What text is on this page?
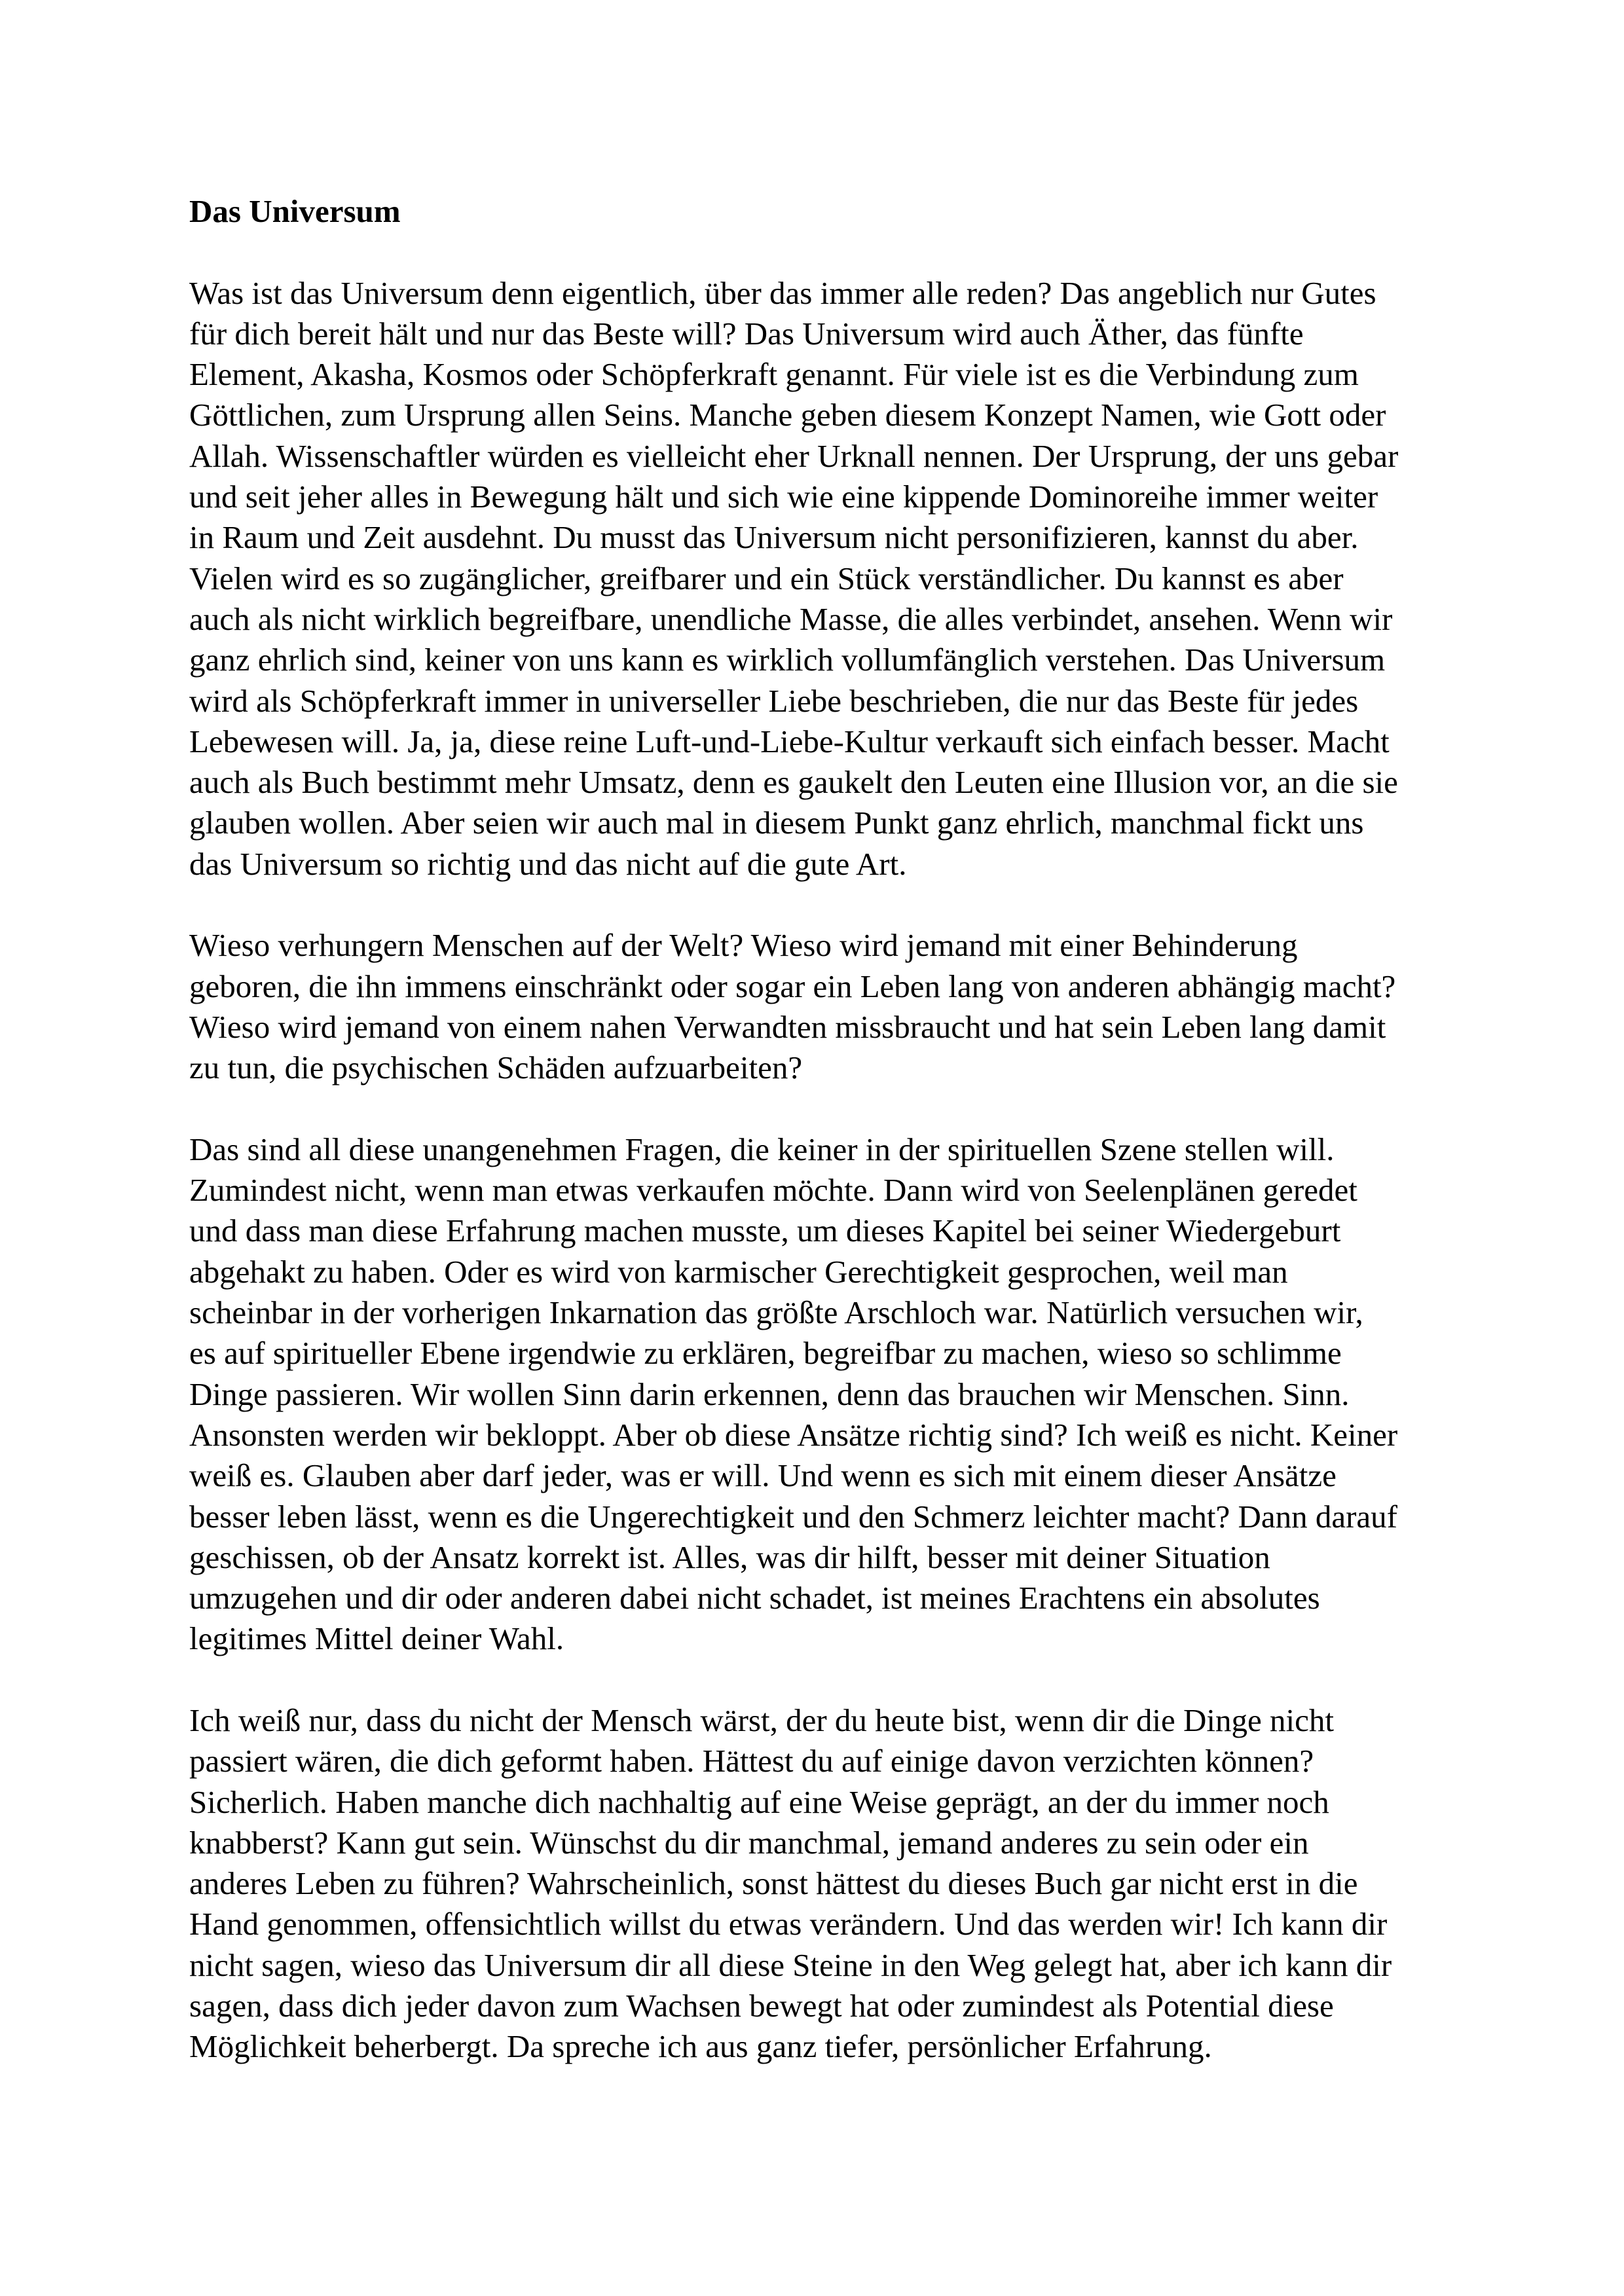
Das Universum
Was ist das Universum denn eigentlich, über das immer alle reden? Das angeblich nur Gutes
für dich bereit hält und nur das Beste will? Das Universum wird auch Äther, das fünfte
Element, Akasha, Kosmos oder Schöpferkraft genannt. Für viele ist es die Verbindung zum
Göttlichen, zum Ursprung allen Seins. Manche geben diesem Konzept Namen, wie Gott oder
Allah. Wissenschaftler würden es vielleicht eher Urknall nennen. Der Ursprung, der uns gebar
und seit jeher alles in Bewegung hält und sich wie eine kippende Dominoreihe immer weiter
in Raum und Zeit ausdehnt. Du musst das Universum nicht personifizieren, kannst du aber.
Vielen wird es so zugänglicher, greifbarer und ein Stück verständlicher. Du kannst es aber
auch als nicht wirklich begreifbare, unendliche Masse, die alles verbindet, ansehen. Wenn wir
ganz ehrlich sind, keiner von uns kann es wirklich vollumfänglich verstehen. Das Universum
wird als Schöpferkraft immer in universeller Liebe beschrieben, die nur das Beste für jedes
Lebewesen will. Ja, ja, diese reine Luft-und-Liebe-Kultur verkauft sich einfach besser. Macht
auch als Buch bestimmt mehr Umsatz, denn es gaukelt den Leuten eine Illusion vor, an die sie
glauben wollen. Aber seien wir auch mal in diesem Punkt ganz ehrlich, manchmal fickt uns
das Universum so richtig und das nicht auf die gute Art.
Wieso verhungern Menschen auf der Welt? Wieso wird jemand mit einer Behinderung
geboren, die ihn immens einschränkt oder sogar ein Leben lang von anderen abhängig macht?
Wieso wird jemand von einem nahen Verwandten missbraucht und hat sein Leben lang damit
zu tun, die psychischen Schäden aufzuarbeiten?
Das sind all diese unangenehmen Fragen, die keiner in der spirituellen Szene stellen will.
Zumindest nicht, wenn man etwas verkaufen möchte. Dann wird von Seelenplänen geredet
und dass man diese Erfahrung machen musste, um dieses Kapitel bei seiner Wiedergeburt
abgehakt zu haben. Oder es wird von karmischer Gerechtigkeit gesprochen, weil man
scheinbar in der vorherigen Inkarnation das größte Arschloch war. Natürlich versuchen wir,
es auf spiritueller Ebene irgendwie zu erklären, begreifbar zu machen, wieso so schlimme
Dinge passieren. Wir wollen Sinn darin erkennen, denn das brauchen wir Menschen. Sinn.
Ansonsten werden wir bekloppt. Aber ob diese Ansätze richtig sind? Ich weiß es nicht. Keiner
weiß es. Glauben aber darf jeder, was er will. Und wenn es sich mit einem dieser Ansätze
besser leben lässt, wenn es die Ungerechtigkeit und den Schmerz leichter macht? Dann darauf
geschissen, ob der Ansatz korrekt ist. Alles, was dir hilft, besser mit deiner Situation
umzugehen und dir oder anderen dabei nicht schadet, ist meines Erachtens ein absolutes
legitimes Mittel deiner Wahl.
Ich weiß nur, dass du nicht der Mensch wärst, der du heute bist, wenn dir die Dinge nicht
passiert wären, die dich geformt haben. Hättest du auf einige davon verzichten können?
Sicherlich. Haben manche dich nachhaltig auf eine Weise geprägt, an der du immer noch
knabberst? Kann gut sein. Wünschst du dir manchmal, jemand anderes zu sein oder ein
anderes Leben zu führen? Wahrscheinlich, sonst hättest du dieses Buch gar nicht erst in die
Hand genommen, offensichtlich willst du etwas verändern. Und das werden wir! Ich kann dir
nicht sagen, wieso das Universum dir all diese Steine in den Weg gelegt hat, aber ich kann dir
sagen, dass dich jeder davon zum Wachsen bewegt hat oder zumindest als Potential diese
Möglichkeit beherbergt. Da spreche ich aus ganz tiefer, persönlicher Erfahrung.
